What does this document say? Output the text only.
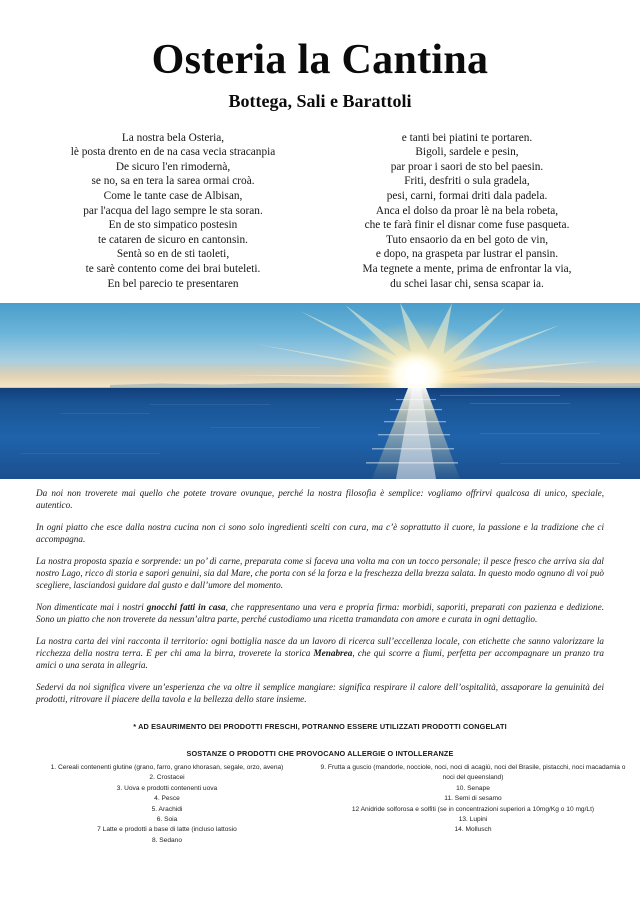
Osteria la Cantina
Bottega, Sali e Barattoli
La nostra bela Osteria,
lè posta drento en de na casa vecia stracanpia
De sicuro l'en rimodernà,
se no, sa en tera la sarea ormai croà.
Come le tante case de Albisan,
par l'acqua del lago sempre le sta soran.
En de sto simpatico postesin
te cataren de sicuro en cantonsin.
Sentà so en de sti taoleti,
te sarè contento come dei brai buteleti.
En bel parecio te presentaren
e tanti bei piatini te portaren.
Bigoli, sardele e pesin,
par proar i saori de sto bel paesin.
Friti, desfriti o sula gradela,
pesi, carni, formai driti dala padela.
Anca el dolso da proar lè na bela robeta,
che te farà finir el disnar come fuse pasqueta.
Tuto ensaorio da en bel goto de vin,
e dopo, na graspeta par lustrar el pansin.
Ma tegnete a mente, prima de enfrontar la via,
du schei lasar chi, sensa scapar ia.

Da noi non troverete mai quello che potete trovare ovunque, perché la nostra filosofia è semplice: vogliamo offrirvi qualcosa di unico, speciale, autentico.

In ogni piatto che esce dalla nostra cucina non ci sono solo ingredienti scelti con cura, ma c’è soprattutto il cuore, la passione e la tradizione che ci accompagna.

La nostra proposta spazia e sorprende: un po’ di carne, preparata come si faceva una volta ma con un tocco personale; il pesce fresco che arriva sia dal nostro Lago, ricco di storia e sapori genuini, sia dal Mare, che porta con sé la forza e la freschezza della brezza salata. In questo modo ognuno di voi può scegliere, lasciandosi guidare dal gusto e dall’umore del momento.

Non dimenticate mai i nostri gnocchi fatti in casa, che rappresentano una vera e propria firma: morbidi, saporiti, preparati con pazienza e dedizione. Sono un piatto che non troverete da nessun’altra parte, perché custodiamo una ricetta tramandata con amore e curata in ogni dettaglio.

La nostra carta dei vini racconta il territorio: ogni bottiglia nasce da un lavoro di ricerca sull’eccellenza locale, con etichette che sanno valorizzare la ricchezza della nostra terra. E per chi ama la birra, troverete la storica Menabrea, che qui scorre a fiumi, perfetta per accompagnare un pranzo tra amici o una serata in allegria.

Sedervi da noi significa vivere un’esperienza che va oltre il semplice mangiare: significa respirare il calore dell’ospitalità, assaporare la genuinità dei prodotti, ritrovare il piacere della tavola e la bellezza dello stare insieme.

* AD ESAURIMENTO DEI PRODOTTI FRESCHI, POTRANNO ESSERE UTILIZZATI PRODOTTI CONGELATI
SOSTANZE O PRODOTTI CHE PROVOCANO ALLERGIE O INTOLLERANZE
1. Cereali contenenti glutine (grano, farro, grano khorasan, segale, orzo, avena)
2. Crostacei
3. Uova e prodotti contenenti uova
4. Pesce
5. Arachidi
6. Soia
7 Latte e prodotti a base di latte (incluso lattosio
8. Sedano
9. Frutta a guscio (mandorle, nocciole, noci, noci di acagiù, noci del Brasile, pistacchi, noci macadamia o noci del queensland)
10. Senape
11. Semi di sesamo
12 Anidride solforosa e solfiti (se in concentrazioni superiori a 10mg/Kg o 10 mg/Lt)
13. Lupini
14. Mollusch
